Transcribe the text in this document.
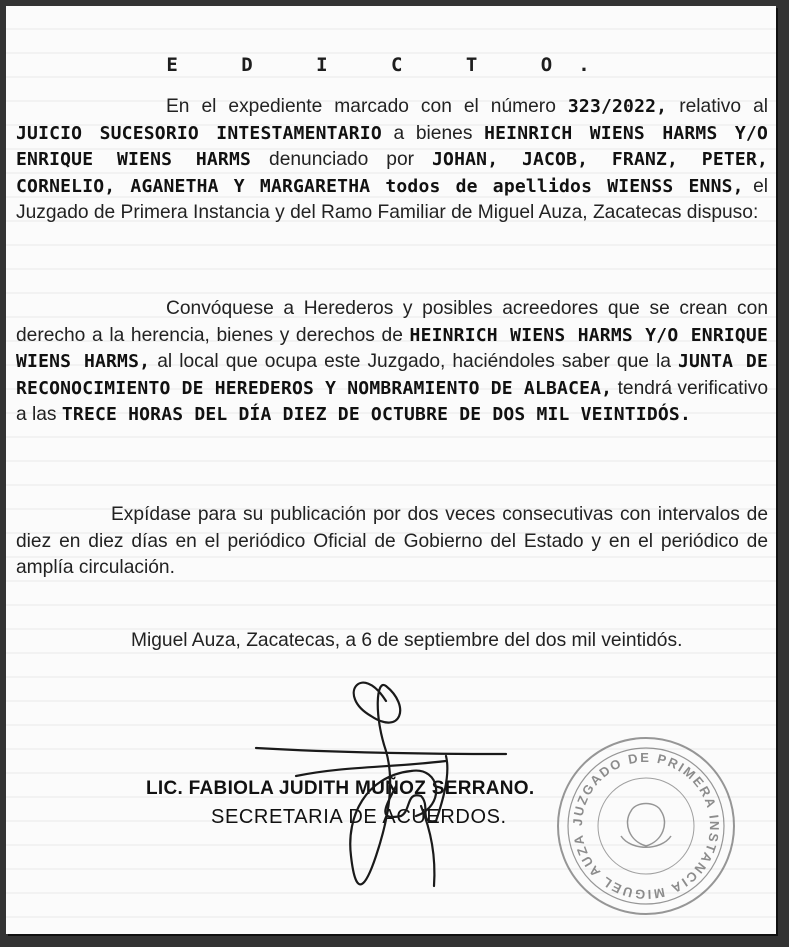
E D I C T O.
En el expediente marcado con el número 323/2022, relativo al JUICIO SUCESORIO INTESTAMENTARIO a bienes HEINRICH WIENS HARMS Y/O ENRIQUE WIENS HARMS denunciado por JOHAN, JACOB, FRANZ, PETER, CORNELIO, AGANETHA Y MARGARETHA todos de apellidos WIENSS ENNS, el Juzgado de Primera Instancia y del Ramo Familiar de Miguel Auza, Zacatecas dispuso:
Convóquese a Herederos y posibles acreedores que se crean con derecho a la herencia, bienes y derechos de HEINRICH WIENS HARMS Y/O ENRIQUE WIENS HARMS, al local que ocupa este Juzgado, haciéndoles saber que la JUNTA DE RECONOCIMIENTO DE HEREDEROS Y NOMBRAMIENTO DE ALBACEA, tendrá verificativo a las TRECE HORAS DEL DÍA DIEZ DE OCTUBRE DE DOS MIL VEINTIDÓS.
Expídase para su publicación por dos veces consecutivas con intervalos de diez en diez días en el periódico Oficial de Gobierno del Estado y en el periódico de amplía circulación.
Miguel Auza, Zacatecas, a 6 de septiembre del dos mil veintidós.
LIC. FABIOLA JUDITH MUÑOZ SERRANO.
SECRETARIA DE ACUERDOS.	JUZGADO DE PRIMERA INSTANCIA MIGUEL AUZA
